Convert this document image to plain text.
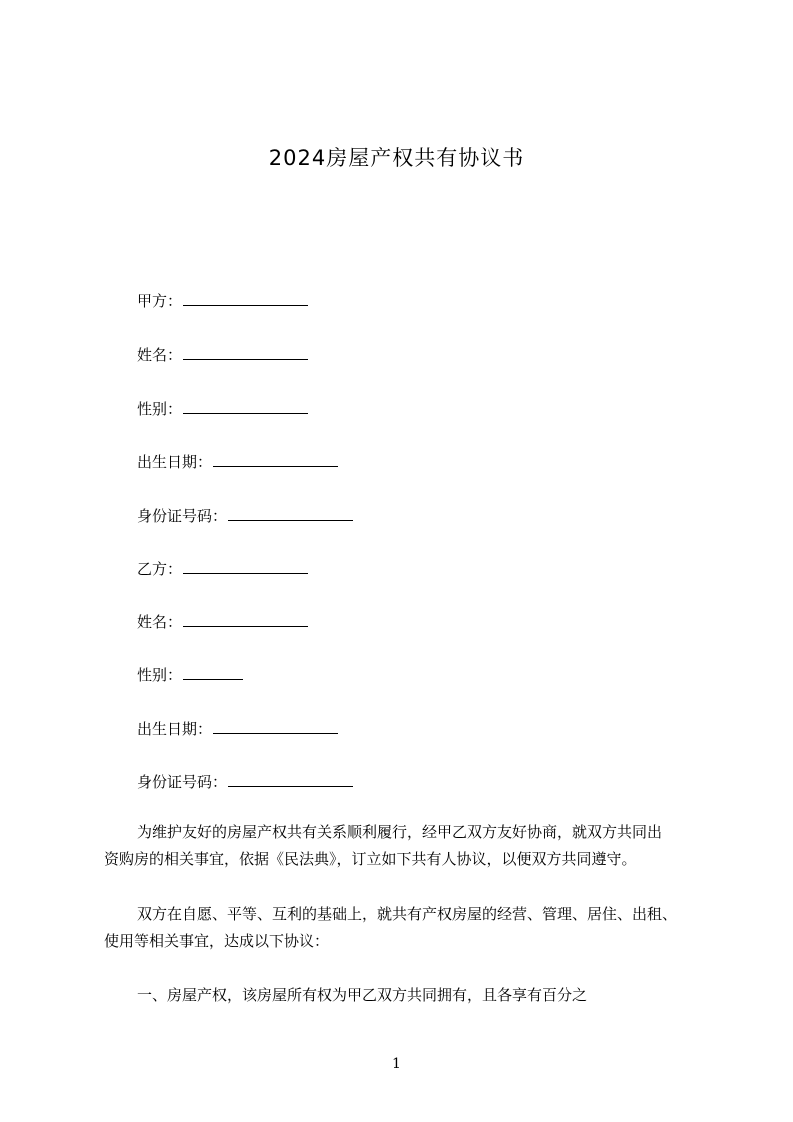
2024房屋产权共有协议书
甲方：
姓名：
性别：
出生日期：
身份证号码：
乙方：
姓名：
性别：
出生日期：
身份证号码：
为维护友好的房屋产权共有关系顺利履行，经甲乙双方友好协商，就双方共同出
资购房的相关事宜，依据《民法典》，订立如下共有人协议，以便双方共同遵守。
双方在自愿、平等、互利的基础上，就共有产权房屋的经营、管理、居住、出租、
使用等相关事宜，达成以下协议：
一、房屋产权，该房屋所有权为甲乙双方共同拥有，且各享有百分之
1
